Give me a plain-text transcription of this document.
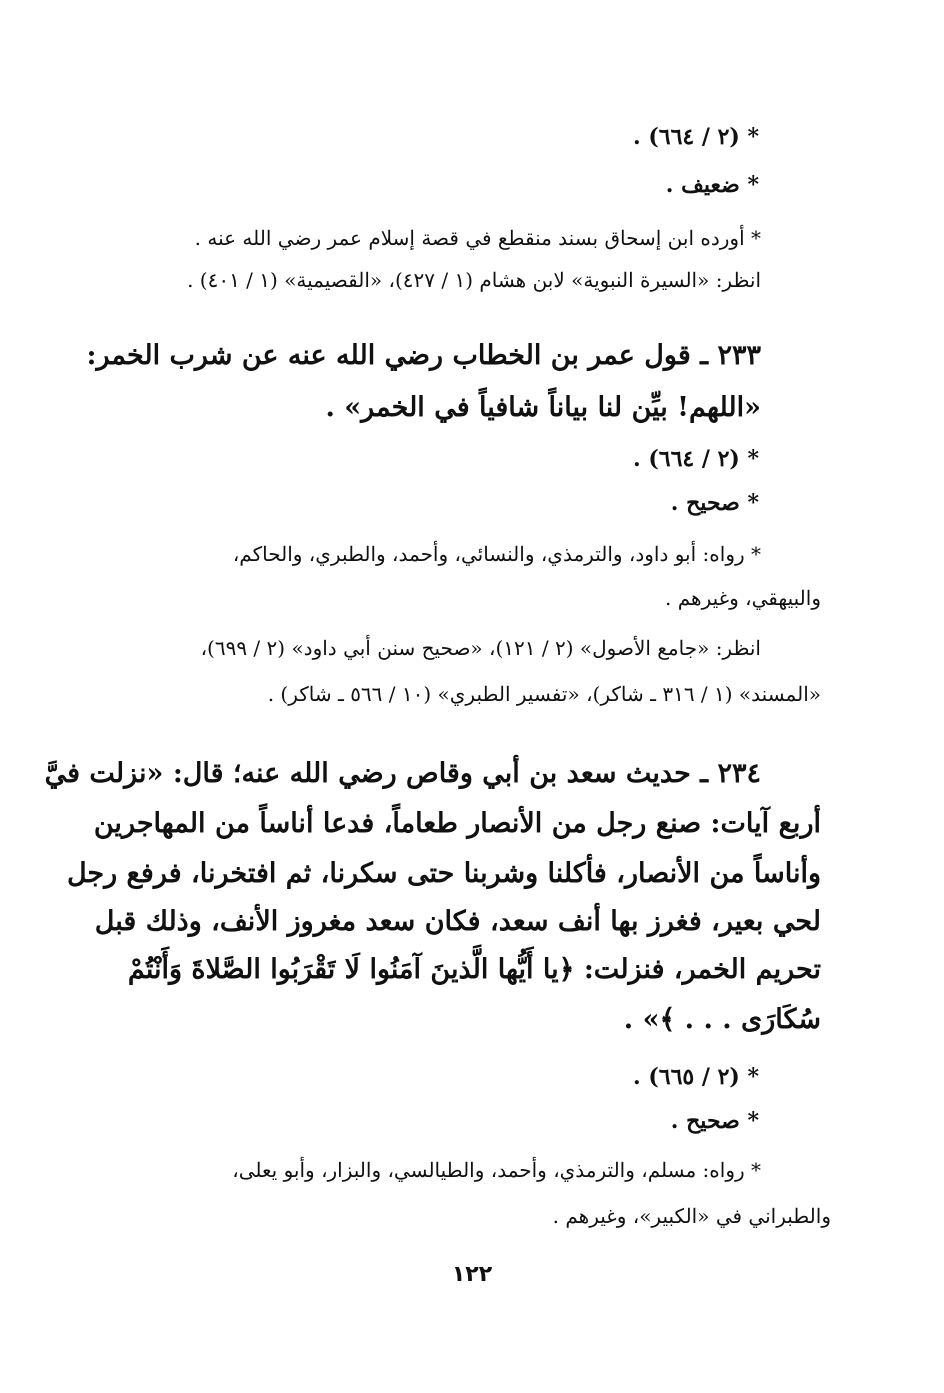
* (٢ / ٦٦٤) .

* ضعيف .

* أورده ابن إسحاق بسند منقطع في قصة إسلام عمر رضي الله عنه .

انظر: «السيرة النبوية» لابن هشام (١ / ٤٢٧)، «القصيمية» (١ / ٤٠١) .

٢٣٣ ـ قول عمر بن الخطاب رضي الله عنه عن شرب الخمر:

«اللهم! بيِّن لنا بياناً شافياً في الخمر» .

* (٢ / ٦٦٤) .

* صحيح .

* رواه: أبو داود، والترمذي، والنسائي، وأحمد، والطبري، والحاكم،

والبيهقي، وغيرهم .

انظر: «جامع الأصول» (٢ / ١٢١)، «صحيح سنن أبي داود» (٢ / ٦٩٩)،

«المسند» (١ / ٣١٦ ـ شاكر)، «تفسير الطبري» (١٠ / ٥٦٦ ـ شاكر) .

٢٣٤ ـ حديث سعد بن أبي وقاص رضي الله عنه؛ قال: «نزلت فيَّ

أربع آيات: صنع رجل من الأنصار طعاماً، فدعا أناساً من المهاجرين

وأناساً من الأنصار، فأكلنا وشربنا حتى سكرنا، ثم افتخرنا، فرفع رجل

لحي بعير، فغرز بها أنف سعد، فكان سعد مغروز الأنف، وذلك قبل

تحريم الخمر، فنزلت: ﴿يا أَيُّها الَّذينَ آمَنُوا لَا تَقْرَبُوا الصَّلاةَ وَأَنْتُمْ

سُكَارَى . . . ﴾» .

* (٢ / ٦٦٥) .

* صحيح .

* رواه: مسلم، والترمذي، وأحمد، والطيالسي، والبزار، وأبو يعلى،

والطبراني في «الكبير»، وغيرهم .

١٢٢
